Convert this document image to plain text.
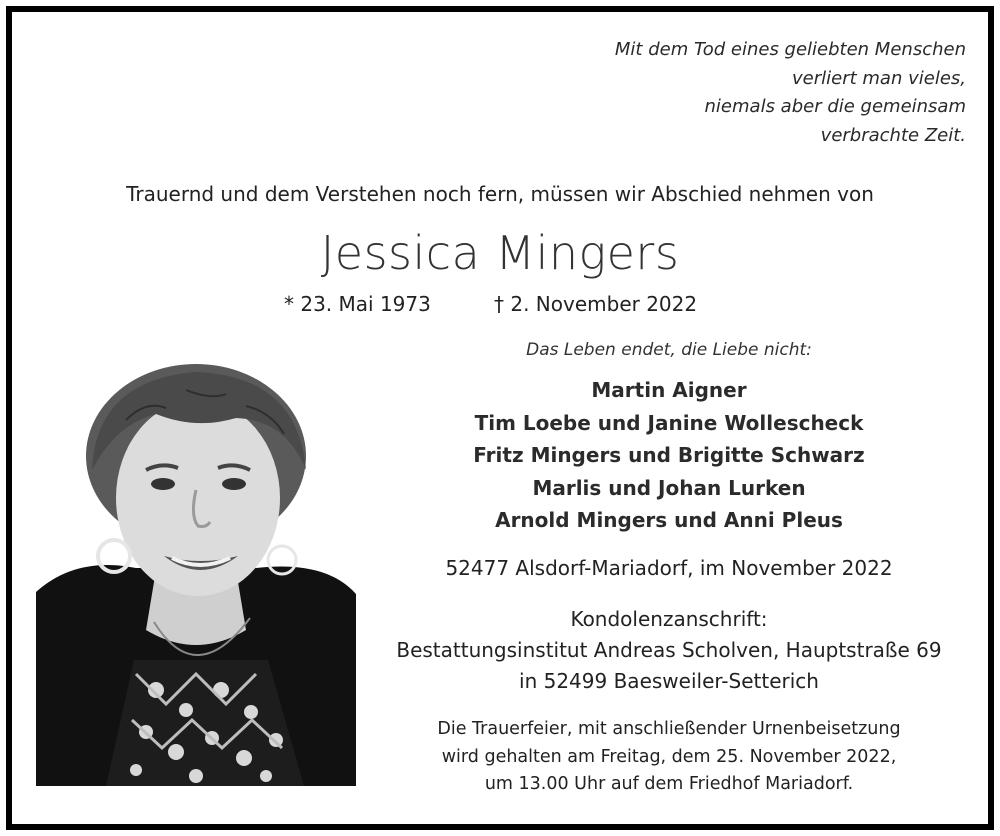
Mit dem Tod eines geliebten Menschen
verliert man vieles,
niemals aber die gemeinsam
verbrachte Zeit.
Trauernd und dem Verstehen noch fern, müssen wir Abschied nehmen von
Jessica Mingers
* 23. Mai 1973	† 2. November 2022
Das Leben endet, die Liebe nicht:
Martin Aigner
Tim Loebe und Janine Wollescheck
Fritz Mingers und Brigitte Schwarz
Marlis und Johan Lurken
Arnold Mingers und Anni Pleus
52477 Alsdorf-Mariadorf, im November 2022
Kondolenzanschrift:
Bestattungsinstitut Andreas Scholven, Hauptstraße 69
in 52499 Baesweiler-Setterich
Die Trauerfeier, mit anschließender Urnenbeisetzung
wird gehalten am Freitag, dem 25. November 2022,
um 13.00 Uhr auf dem Friedhof Mariadorf.
